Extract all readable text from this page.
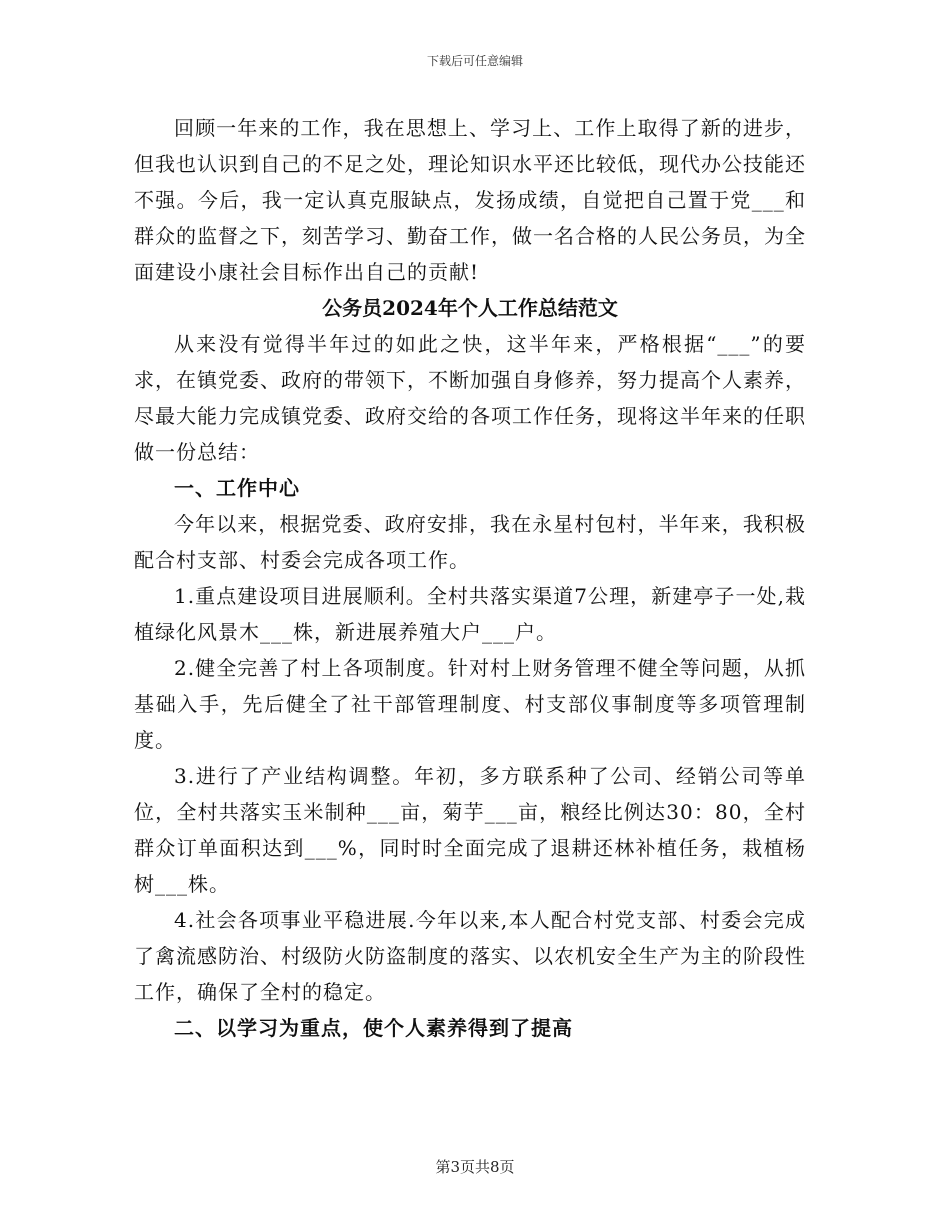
下载后可任意编辑

回顾一年来的工作，我在思想上、学习上、工作上取得了新的进步，但我也认识到自己的不足之处，理论知识水平还比较低，现代办公技能还不强。今后，我一定认真克服缺点，发扬成绩，自觉把自己置于党___和群众的监督之下，刻苦学习、勤奋工作，做一名合格的人民公务员，为全面建设小康社会目标作出自己的贡献!

公务员2024年个人工作总结范文

从来没有觉得半年过的如此之快，这半年来，严格根据“___”的要求，在镇党委、政府的带领下，不断加强自身修养，努力提高个人素养，尽最大能力完成镇党委、政府交给的各项工作任务，现将这半年来的任职做一份总结：

一、工作中心

今年以来，根据党委、政府安排，我在永星村包村，半年来，我积极配合村支部、村委会完成各项工作。

1.重点建设项目进展顺利。全村共落实渠道7公理，新建亭子一处,栽植绿化风景木___株，新进展养殖大户___户。

2.健全完善了村上各项制度。针对村上财务管理不健全等问题，从抓基础入手，先后健全了社干部管理制度、村支部仪事制度等多项管理制度。

3.进行了产业结构调整。年初，多方联系种了公司、经销公司等单位，全村共落实玉米制种___亩，菊芋___亩，粮经比例达30：80，全村群众订单面积达到___%，同时时全面完成了退耕还林补植任务，栽植杨树___株。

4.社会各项事业平稳进展.今年以来,本人配合村党支部、村委会完成了禽流感防治、村级防火防盗制度的落实、以农机安全生产为主的阶段性工作，确保了全村的稳定。

二、以学习为重点，使个人素养得到了提高

第3页共8页
